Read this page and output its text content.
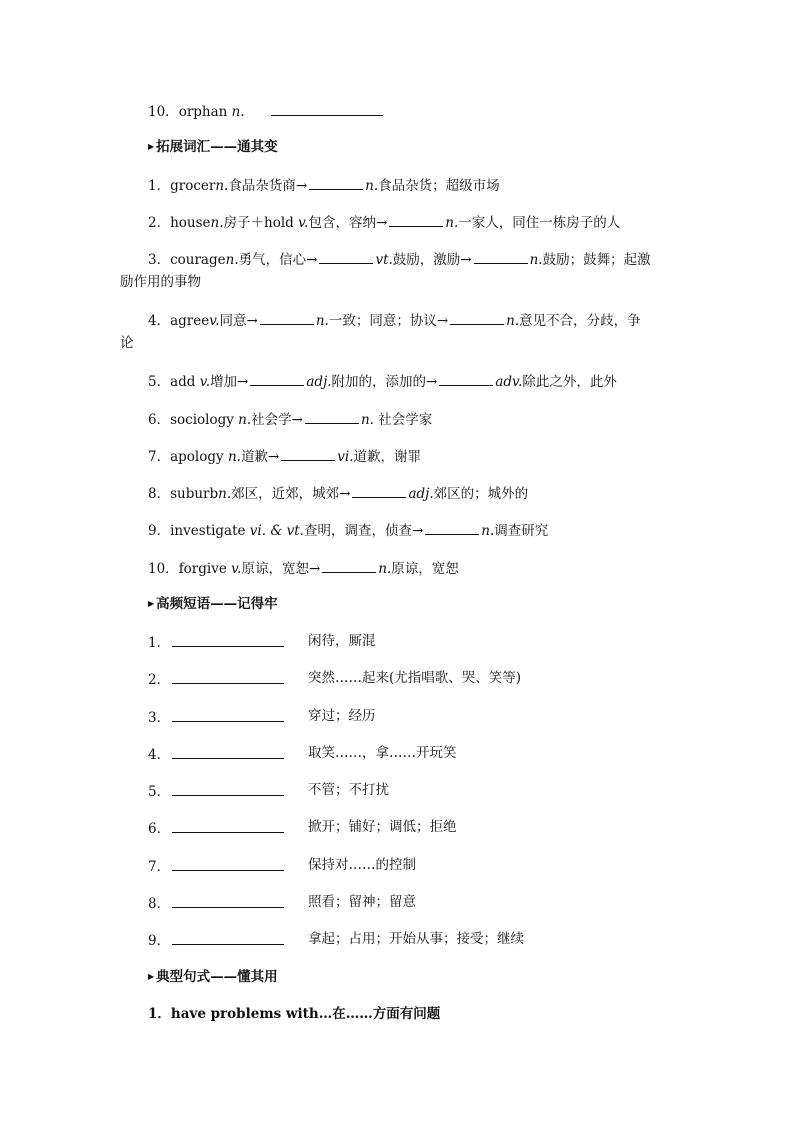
10．orphan n.
▶ 拓展词汇——通其变
1．grocern.食品杂货商→	n.食品杂货；超级市场
2．housen.房子＋hold v.包含，容纳→	n.一家人，同住一栋房子的人
3．couragen.勇气，信心→	vt.鼓励，激励→	n.鼓励；鼓舞；起激
励作用的事物
4．agreev.同意→	n.一致；同意；协议→	n.意见不合，分歧，争
论
5．add v.增加→	adj.附加的，添加的→	adv.除此之外，此外
6．sociology n.社会学→	n. 社会学家
7．apology n.道歉→	vi.道歉，谢罪
8．suburbn.郊区，近郊，城郊→	adj.郊区的；城外的
9．investigate vi. & vt.查明，调查，侦查→	n.调查研究
10．forgive v.原谅，宽恕→	n.原谅，宽恕
▶ 高频短语——记得牢
1．	闲待，厮混
2．	突然……起来(尤指唱歌、哭、笑等)
3．	穿过；经历
4．	取笑……，拿……开玩笑
5．	不管；不打扰
6．	掀开；铺好；调低；拒绝
7．	保持对……的控制
8．	照看；留神；留意
9．	拿起；占用；开始从事；接受；继续
▶ 典型句式——懂其用
1．have problems with…在……方面有问题
